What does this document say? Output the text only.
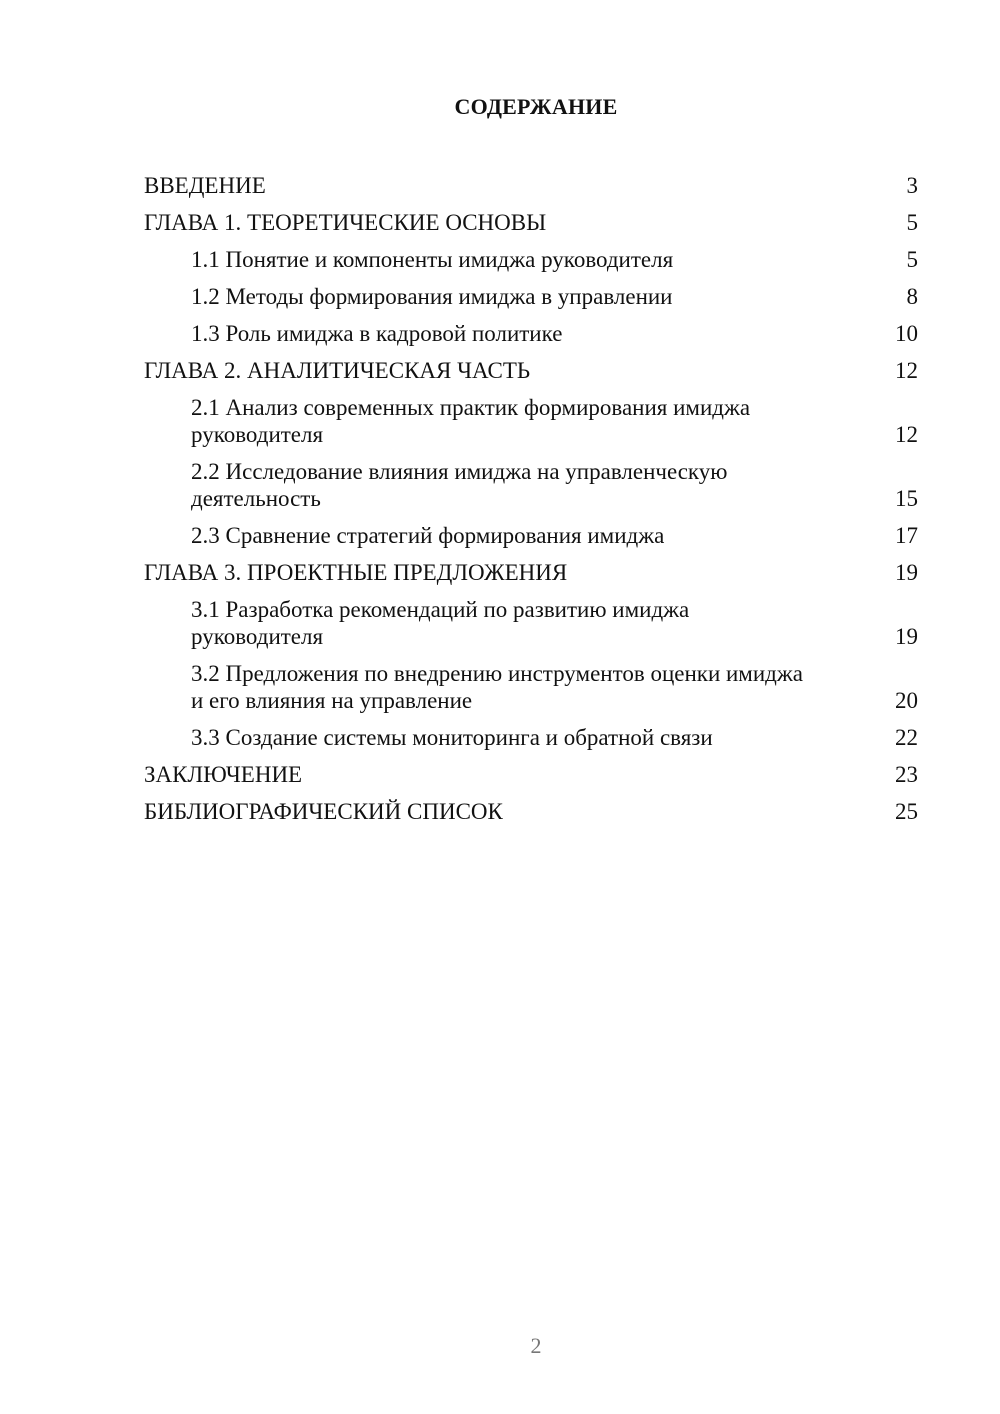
СОДЕРЖАНИЕ
ВВЕДЕНИЕ	3
ГЛАВА 1. ТЕОРЕТИЧЕСКИЕ ОСНОВЫ	5
1.1 Понятие и компоненты имиджа руководителя	5
1.2 Методы формирования имиджа в управлении	8
1.3 Роль имиджа в кадровой политике	10
ГЛАВА 2. АНАЛИТИЧЕСКАЯ ЧАСТЬ	12
2.1 Анализ современных практик формирования имиджа руководителя	12
2.2 Исследование влияния имиджа на управленческую деятельность	15
2.3 Сравнение стратегий формирования имиджа	17
ГЛАВА 3. ПРОЕКТНЫЕ ПРЕДЛОЖЕНИЯ	19
3.1 Разработка рекомендаций по развитию имиджа руководителя	19
3.2 Предложения по внедрению инструментов оценки имиджа и его влияния на управление	20
3.3 Создание системы мониторинга и обратной связи	22
ЗАКЛЮЧЕНИЕ	23
БИБЛИОГРАФИЧЕСКИЙ СПИСОК	25
2
